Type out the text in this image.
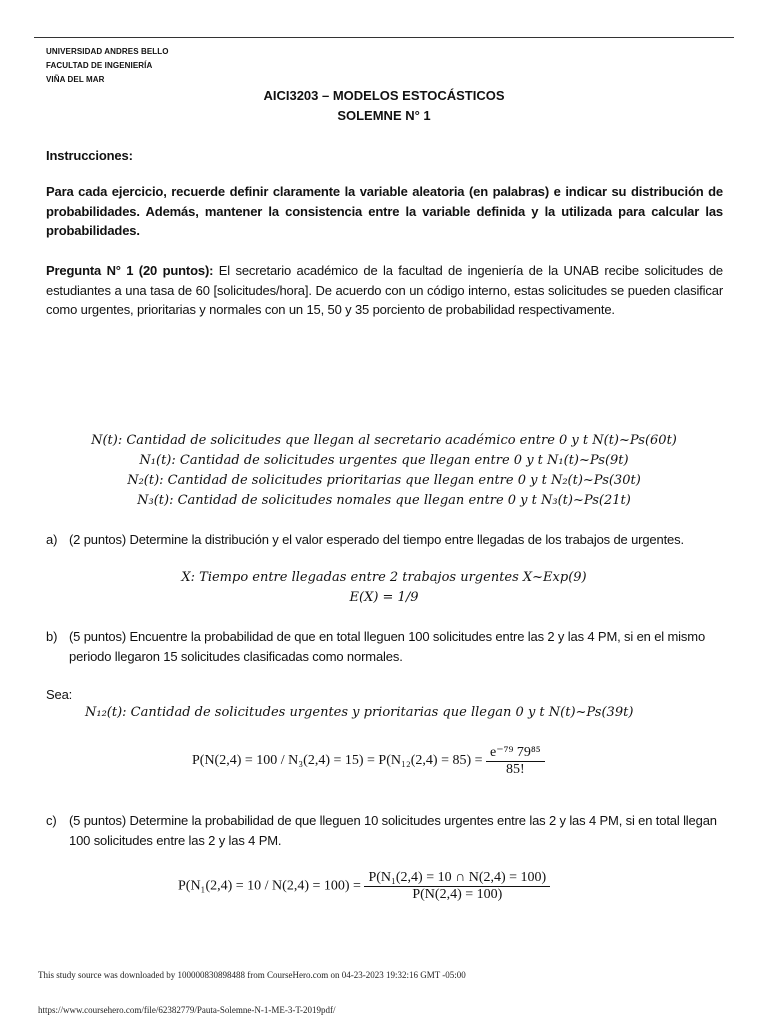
UNIVERSIDAD ANDRES BELLO
FACULTAD DE INGENIERÍA
VIÑA DEL MAR
AICI3203 – MODELOS ESTOCÁSTICOS
SOLEMNE N° 1
Instrucciones:
Para cada ejercicio, recuerde definir claramente la variable aleatoria (en palabras) e indicar su distribución de probabilidades. Además, mantener la consistencia entre la variable definida y la utilizada para calcular las probabilidades.
Pregunta N° 1 (20 puntos): El secretario académico de la facultad de ingeniería de la UNAB recibe solicitudes de estudiantes a una tasa de 60 [solicitudes/hora]. De acuerdo con un código interno, estas solicitudes se pueden clasificar como urgentes, prioritarias y normales con un 15, 50 y 35 porciento de probabilidad respectivamente.
N(t): Cantidad de solicitudes que llegan al secretario académico entre 0 y t N(t)~Ps(60t)
N₁(t): Cantidad de solicitudes urgentes que llegan entre 0 y t N₁(t)~Ps(9t)
N₂(t): Cantidad de solicitudes prioritarias que llegan entre 0 y t N₂(t)~Ps(30t)
N₃(t): Cantidad de solicitudes nomales que llegan entre 0 y t N₃(t)~Ps(21t)
a) (2 puntos) Determine la distribución y el valor esperado del tiempo entre llegadas de los trabajos de urgentes.
X: Tiempo entre llegadas entre 2 trabajos urgentes X~Exp(9)
E(X) = 1/9
b) (5 puntos) Encuentre la probabilidad de que en total lleguen 100 solicitudes entre las 2 y las 4 PM, si en el mismo periodo llegaron 15 solicitudes clasificadas como normales.
Sea:
N₁₂(t): Cantidad de solicitudes urgentes y prioritarias que llegan 0 y t N(t)~Ps(39t)
$P(N(2,4) = 100 / N_3(2,4) = 15) = P(N_{12}(2,4) = 85) = \frac{\text{e⁻⁷⁹ 79⁸⁵}}{85!}$
c) (5 puntos) Determine la probabilidad de que lleguen 10 solicitudes urgentes entre las 2 y las 4 PM, si en total llegan 100 solicitudes entre las 2 y las 4 PM.
$P(N_1(2,4) = 10 / N(2,4) = 100) = \frac{\text{P(N₁(2,4) = 10 ∩ N(2,4) = 100)}}{P(N(2,4) = 100)}$
This study source was downloaded by 100000830898488 from CourseHero.com on 04-23-2023 19:32:16 GMT -05:00
https://www.coursehero.com/file/62382779/Pauta-Solemne-N-1-ME-3-T-2019pdf/
